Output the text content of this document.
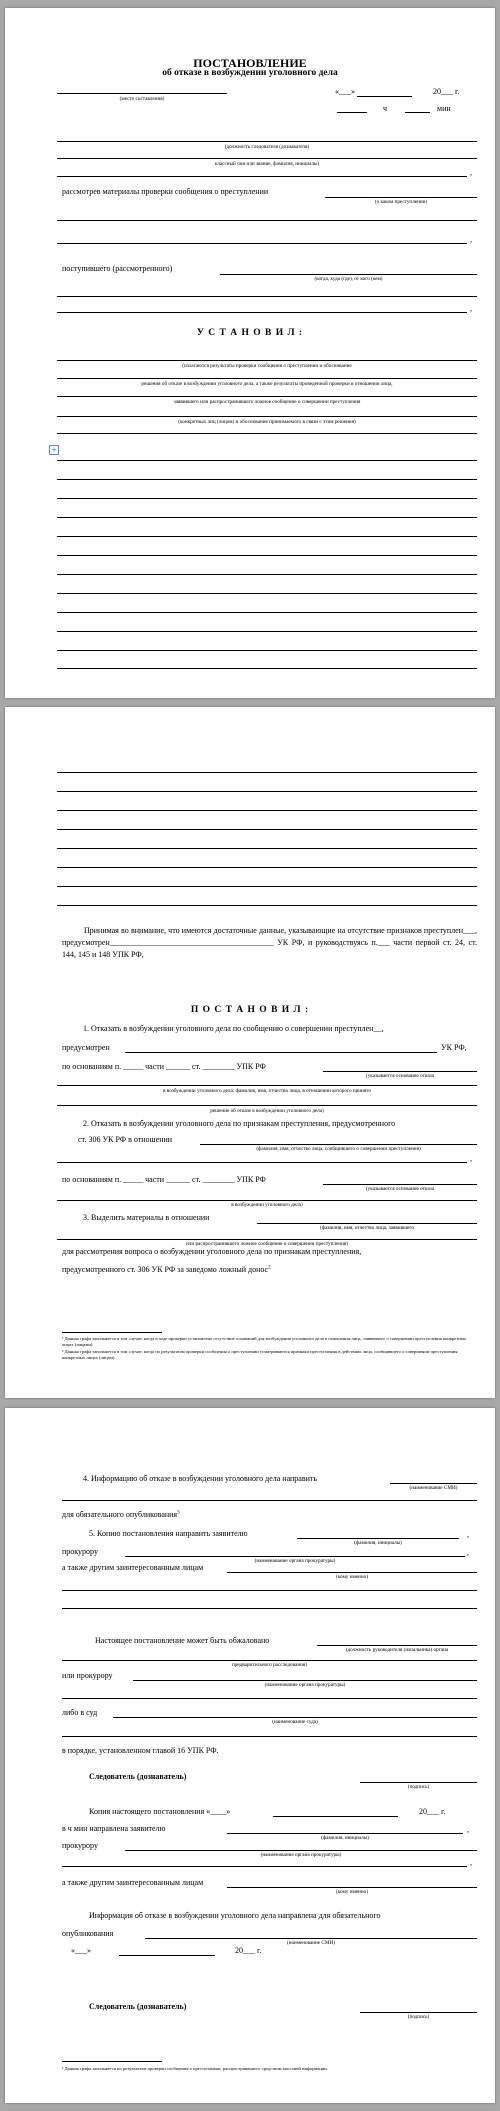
ПОСТАНОВЛЕНИЕ
об отказе в возбуждении уголовного дела
(место составления)
«___»	20___ г.
ч	мин
(должность следователя (дознавателя)
классный чин или звание, фамилия, инициалы)
,
рассмотрев материалы проверки сообщения о преступлении
(о каком преступлении)
,
поступившего (рассмотренного)
(когда, куда (где), от кого (кем)
,
У С Т А Н О В И Л :
(излагаются результаты проверки сообщения о преступлении и обоснование
решения об отказе в возбуждении уголовного дела, а также результаты проведенной проверки в отношении лица,
заявившего или распространившего ложное сообщение о совершении преступления
(конкретных лиц (лицом) и обоснование принимаемого в связи с этим решения)
+
Принимая во внимание, что имеются достаточные данные, указывающие на отсутствие признаков преступлен___, предусмотрен_________________________________________ УК РФ, и руководствуясь п.___ части первой ст. 24, ст. 144, 145 и 148 УПК РФ,
П О С Т А Н О В И Л :
1. Отказать в возбуждении уголовного дела по сообщению о совершении преступлен__,
предусмотрен	УК РФ,
по основаниям п. _____ части ______ ст. ________ УПК РФ
(указывается основание отказа
в возбуждении уголовного дела; фамилия, имя, отчество лица, в отношении которого принято
решение об отказе в возбуждении уголовного дела)
2. Отказать в возбуждении уголовного дела по признакам преступления, предусмотренного
ст. 306 УК РФ в отношении
(фамилия, имя, отчество лица, сообщившего о совершении преступления)
,
по основаниям п. _____ части ______ ст. ________ УПК РФ
(указывается основание отказа
в возбуждении уголовного дела)
3. Выделить материалы в отношении
(фамилия, имя, отчество лица, заявившего
или распространившего ложное сообщение о совершении преступления)
для рассмотрения вопроса о возбуждении уголовного дела по признакам преступления,
предусмотренного ст. 306 УК РФ за заведомо ложный донос$^2$
¹ Данная графа заполняется в том случае, когда в ходе проверки установлено отсутствие оснований для возбуждения уголовного дела в отношении лица, заявившего о совершении преступления конкретных лицах (лицами).
² Данная графа заполняется в том случае, когда по результатам проверки сообщения о преступлении усматриваются признаки преступления в действиях лица, сообщившего о совершении преступления конкретных лицах (лицом).
4. Информацию об отказе в возбуждении уголовного дела направить
(наименование СМИ)
для обязательного опубликования$^3$
5. Копию постановления направить заявителю
(фамилия, инициалы)
,
прокурору
(наименование органа прокуратуры)
,
а также другим заинтересованным лицам
(кому именно)
Настоящее постановление может быть обжаловано
(должность руководителя (начальника) органа
предварительного расследования)
или прокурору
(наименование органа прокуратуры)
либо в суд
(наименование суда)
в порядке, установленном главой 16 УПК РФ.
Следователь (дознаватель)
(подпись)
Копия настоящего постановления «____»	20___ г.
в ч мин направлена заявителю
(фамилия, инициалы)
,
прокурору
(наименование органа прокуратуры)
,
а также другим заинтересованным лицам
(кому именно)
Информация об отказе в возбуждении уголовного дела направлена для обязательного
опубликования
(наименование СМИ)
«___»	20___ г.
Следователь (дознаватель)
(подпись)
³ Данная графа заполняется по результатам проверки сообщения о преступлении, распространенного средством массовой информации.
